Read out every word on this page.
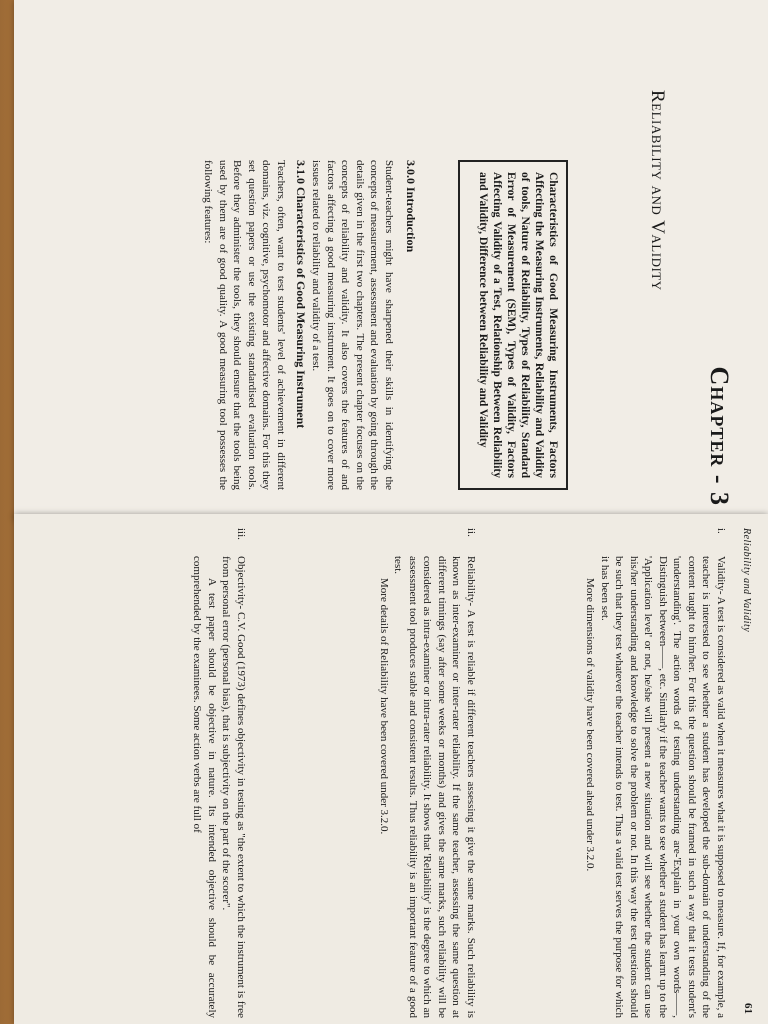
Chapter - 3
Reliability and Validity
Characteristics of Good Measuring Instruments, Factors Affecting the Measuring Instruments, Reliability and Validity of tools, Nature of Reliability, Types of Reliability, Standard Error of Measurement (SEM), Types of Validity, Factors Affecting Validity of a Test, Relationship Between Reliability and Validity, Difference between Reliability and Validity
3.0.0 Introduction
Student-teachers might have sharpened their skills in identifying the concepts of measurement, assessment and evaluation by going through the details given in the first two chapters. The present chapter focuses on the concepts of reliability and validity. It also covers the features of and factors affecting a good measuring instrument. It goes on to cover more issues related to reliability and validity of a test.
3.1.0 Characteristics of Good Measuring Instrument
Teachers, often, want to test students' level of achievement in different domains, viz. cognitive, psychomotor and affective domains. For this they set question papers or use the existing standardised evaluation tools. Before they administer the tools, they should ensure that the tools being used by them are of good quality. A good measuring tool possesses the following features:
Reliability and Validity
61
i.
Validity- A test is considered as valid when it measures what it is supposed to measure. If, for example, a teacher is interested to see whether a student has developed the sub-domain of understanding of the content taught to him/her. For this the question should be framed in such a way that it tests student's 'understanding'. The action words of testing understanding are-'Explain in your own words——, Distinguish between——, etc. Similarly if the teacher wants to see whether a student has learnt up to the 'Application level' or not, he/she will present a new situation and will see whether the student can use his/her understanding and knowledge to solve the problem or not. In this way the test questions should be such that they test whatever the teacher intends to test. Thus a valid test serves the purpose for which it has been set.
More dimensions of validity have been covered ahead under 3.2.0.
ii.
Reliability- A test is reliable if different teachers assessing it give the same marks. Such reliability is known as inter-examiner or inter-rater reliability. If the same teacher, assessing the same question at different timings (say after some weeks or months) and gives the same marks, such reliability will be considered as intra-examiner or intra-rater reliability. It shows that 'Reliability' is the degree to which an assessment tool produces stable and consistent results. Thus reliability is an important feature of a good test.
More details of Reliability have been covered under 3.2.0.
iii.
Objectivity- C.V. Good (1973) defines objectivity in testing as "the extent to which the instrument is free from personal error (personal bias), that is subjectivity on the part of the scorer".
A test paper should be objective in nature. Its intended objective should be accurately comprehended by the examinees. Some action verbs are full of
